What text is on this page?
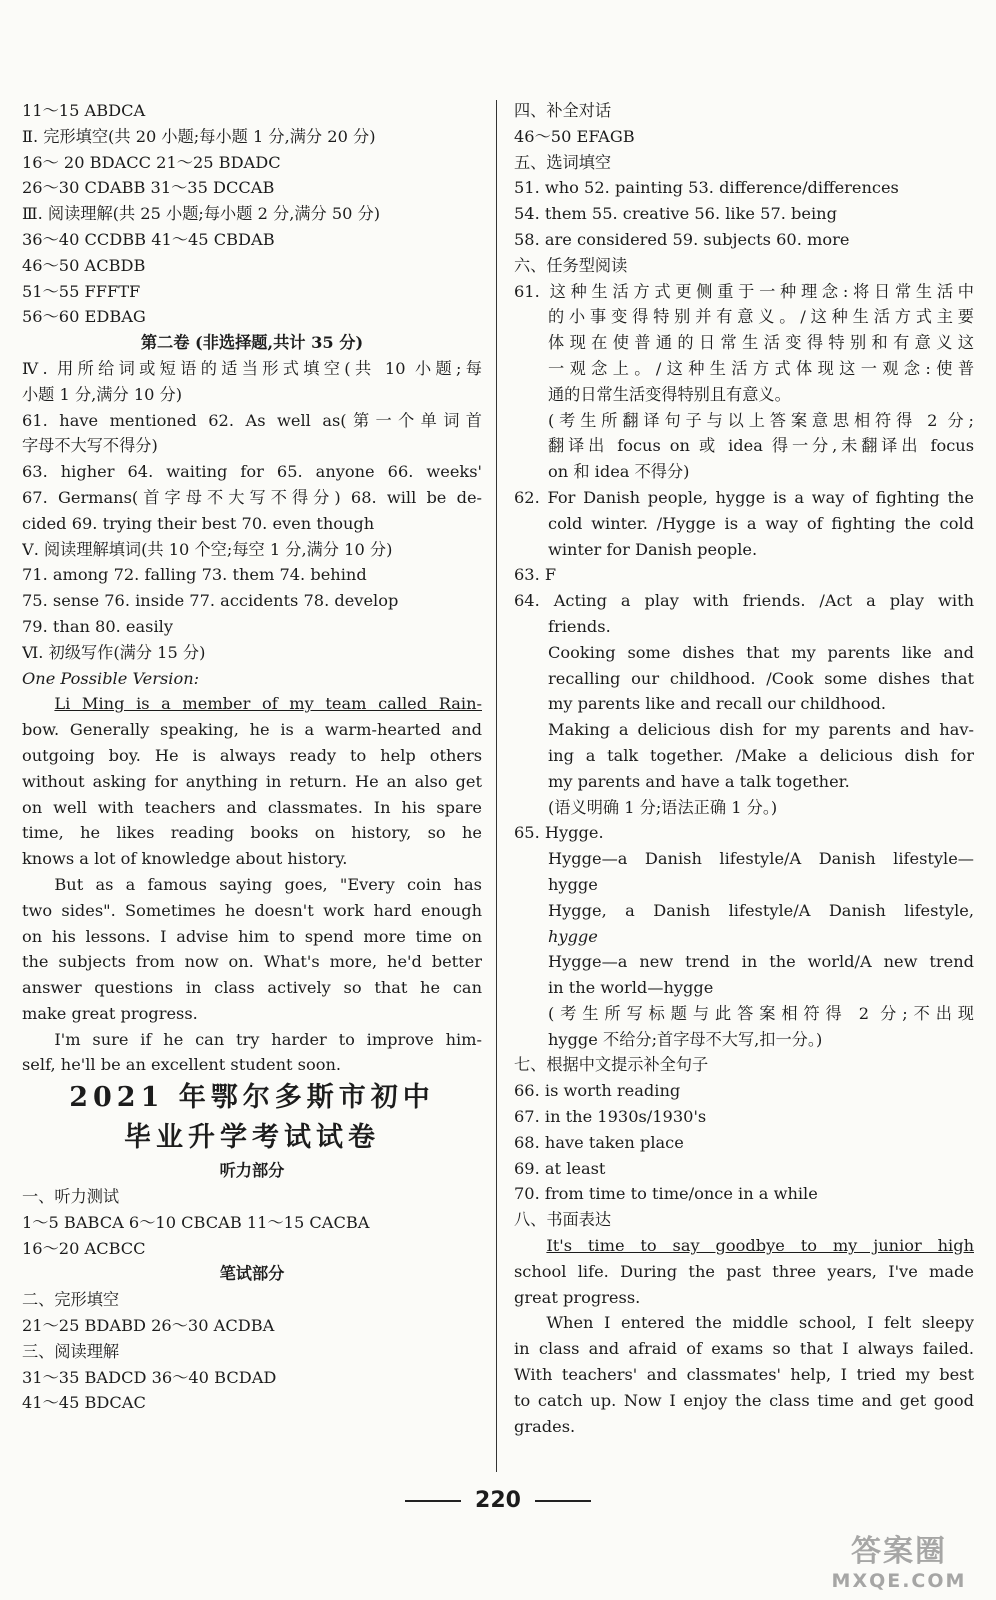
11～15 ABDCA
Ⅱ. 完形填空(共 20 小题;每小题 1 分,满分 20 分)
16～ 20 BDACC 21～25 BDADC
26～30 CDABB 31～35 DCCAB
Ⅲ. 阅读理解(共 25 小题;每小题 2 分,满分 50 分)
36～40 CCDBB 41～45 CBDAB
46～50 ACBDB
51～55 FFFTF
56～60 EDBAG
第二卷 (非选择题,共计 35 分)
Ⅳ. 用所给词或短语的适当形式填空(共 10 小题;每
小题 1 分,满分 10 分)
61. have mentioned 62. As well as(第一个单词首
字母不大写不得分)
63. higher 64. waiting for 65. anyone 66. weeks'
67. Germans(首字母不大写不得分) 68. will be de-
cided 69. trying their best 70. even though
Ⅴ. 阅读理解填词(共 10 个空;每空 1 分,满分 10 分)
71. among 72. falling 73. them 74. behind
75. sense 76. inside 77. accidents 78. develop
79. than 80. easily
Ⅵ. 初级写作(满分 15 分)
One Possible Version:
Li Ming is a member of my team called Rain-
bow. Generally speaking, he is a warm-hearted and
outgoing boy. He is always ready to help others
without asking for anything in return. He an also get
on well with teachers and classmates. In his spare
time, he likes reading books on history, so he
knows a lot of knowledge about history.
But as a famous saying goes, "Every coin has
two sides". Sometimes he doesn't work hard enough
on his lessons. I advise him to spend more time on
the subjects from now on. What's more, he'd better
answer questions in class actively so that he can
make great progress.
I'm sure if he can try harder to improve him-
self, he'll be an excellent student soon.
2021 年鄂尔多斯市初中
毕业升学考试试卷
听力部分
一、听力测试
1～5 BABCA 6～10 CBCAB 11～15 CACBA
16～20 ACBCC
笔试部分
二、完形填空
21～25 BDABD 26～30 ACDBA
三、阅读理解
31～35 BADCD 36～40 BCDAD
41～45 BDCAC
四、补全对话
46～50 EFAGB
五、选词填空
51. who 52. painting 53. difference/differences
54. them 55. creative 56. like 57. being
58. are considered 59. subjects 60. more
六、任务型阅读
61. 这种生活方式更侧重于一种理念:将日常生活中
的小事变得特别并有意义。/这种生活方式主要
体现在使普通的日常生活变得特别和有意义这
一观念上。/这种生活方式体现这一观念:使普
通的日常生活变得特别且有意义。
(考生所翻译句子与以上答案意思相符得 2 分;
翻译出 focus on 或 idea 得一分,未翻译出 focus
on 和 idea 不得分)
62. For Danish people, hygge is a way of fighting the
cold winter. /Hygge is a way of fighting the cold
winter for Danish people.
63. F
64. Acting a play with friends. /Act a play with
friends.
Cooking some dishes that my parents like and
recalling our childhood. /Cook some dishes that
my parents like and recall our childhood.
Making a delicious dish for my parents and hav-
ing a talk together. /Make a delicious dish for
my parents and have a talk together.
(语义明确 1 分;语法正确 1 分。)
65. Hygge.
Hygge—a Danish lifestyle/A Danish lifestyle—
hygge
Hygge, a Danish lifestyle/A Danish lifestyle,
hygge
Hygge—a new trend in the world/A new trend
in the world—hygge
(考生所写标题与此答案相符得 2 分;不出现
hygge 不给分;首字母不大写,扣一分。)
七、根据中文提示补全句子
66. is worth reading
67. in the 1930s/1930's
68. have taken place
69. at least
70. from time to time/once in a while
八、书面表达
It's time to say goodbye to my junior high
school life. During the past three years, I've made
great progress.
When I entered the middle school, I felt sleepy
in class and afraid of exams so that I always failed.
With teachers' and classmates' help, I tried my best
to catch up. Now I enjoy the class time and get good
grades.
220
答案圈
MXQE.COM
